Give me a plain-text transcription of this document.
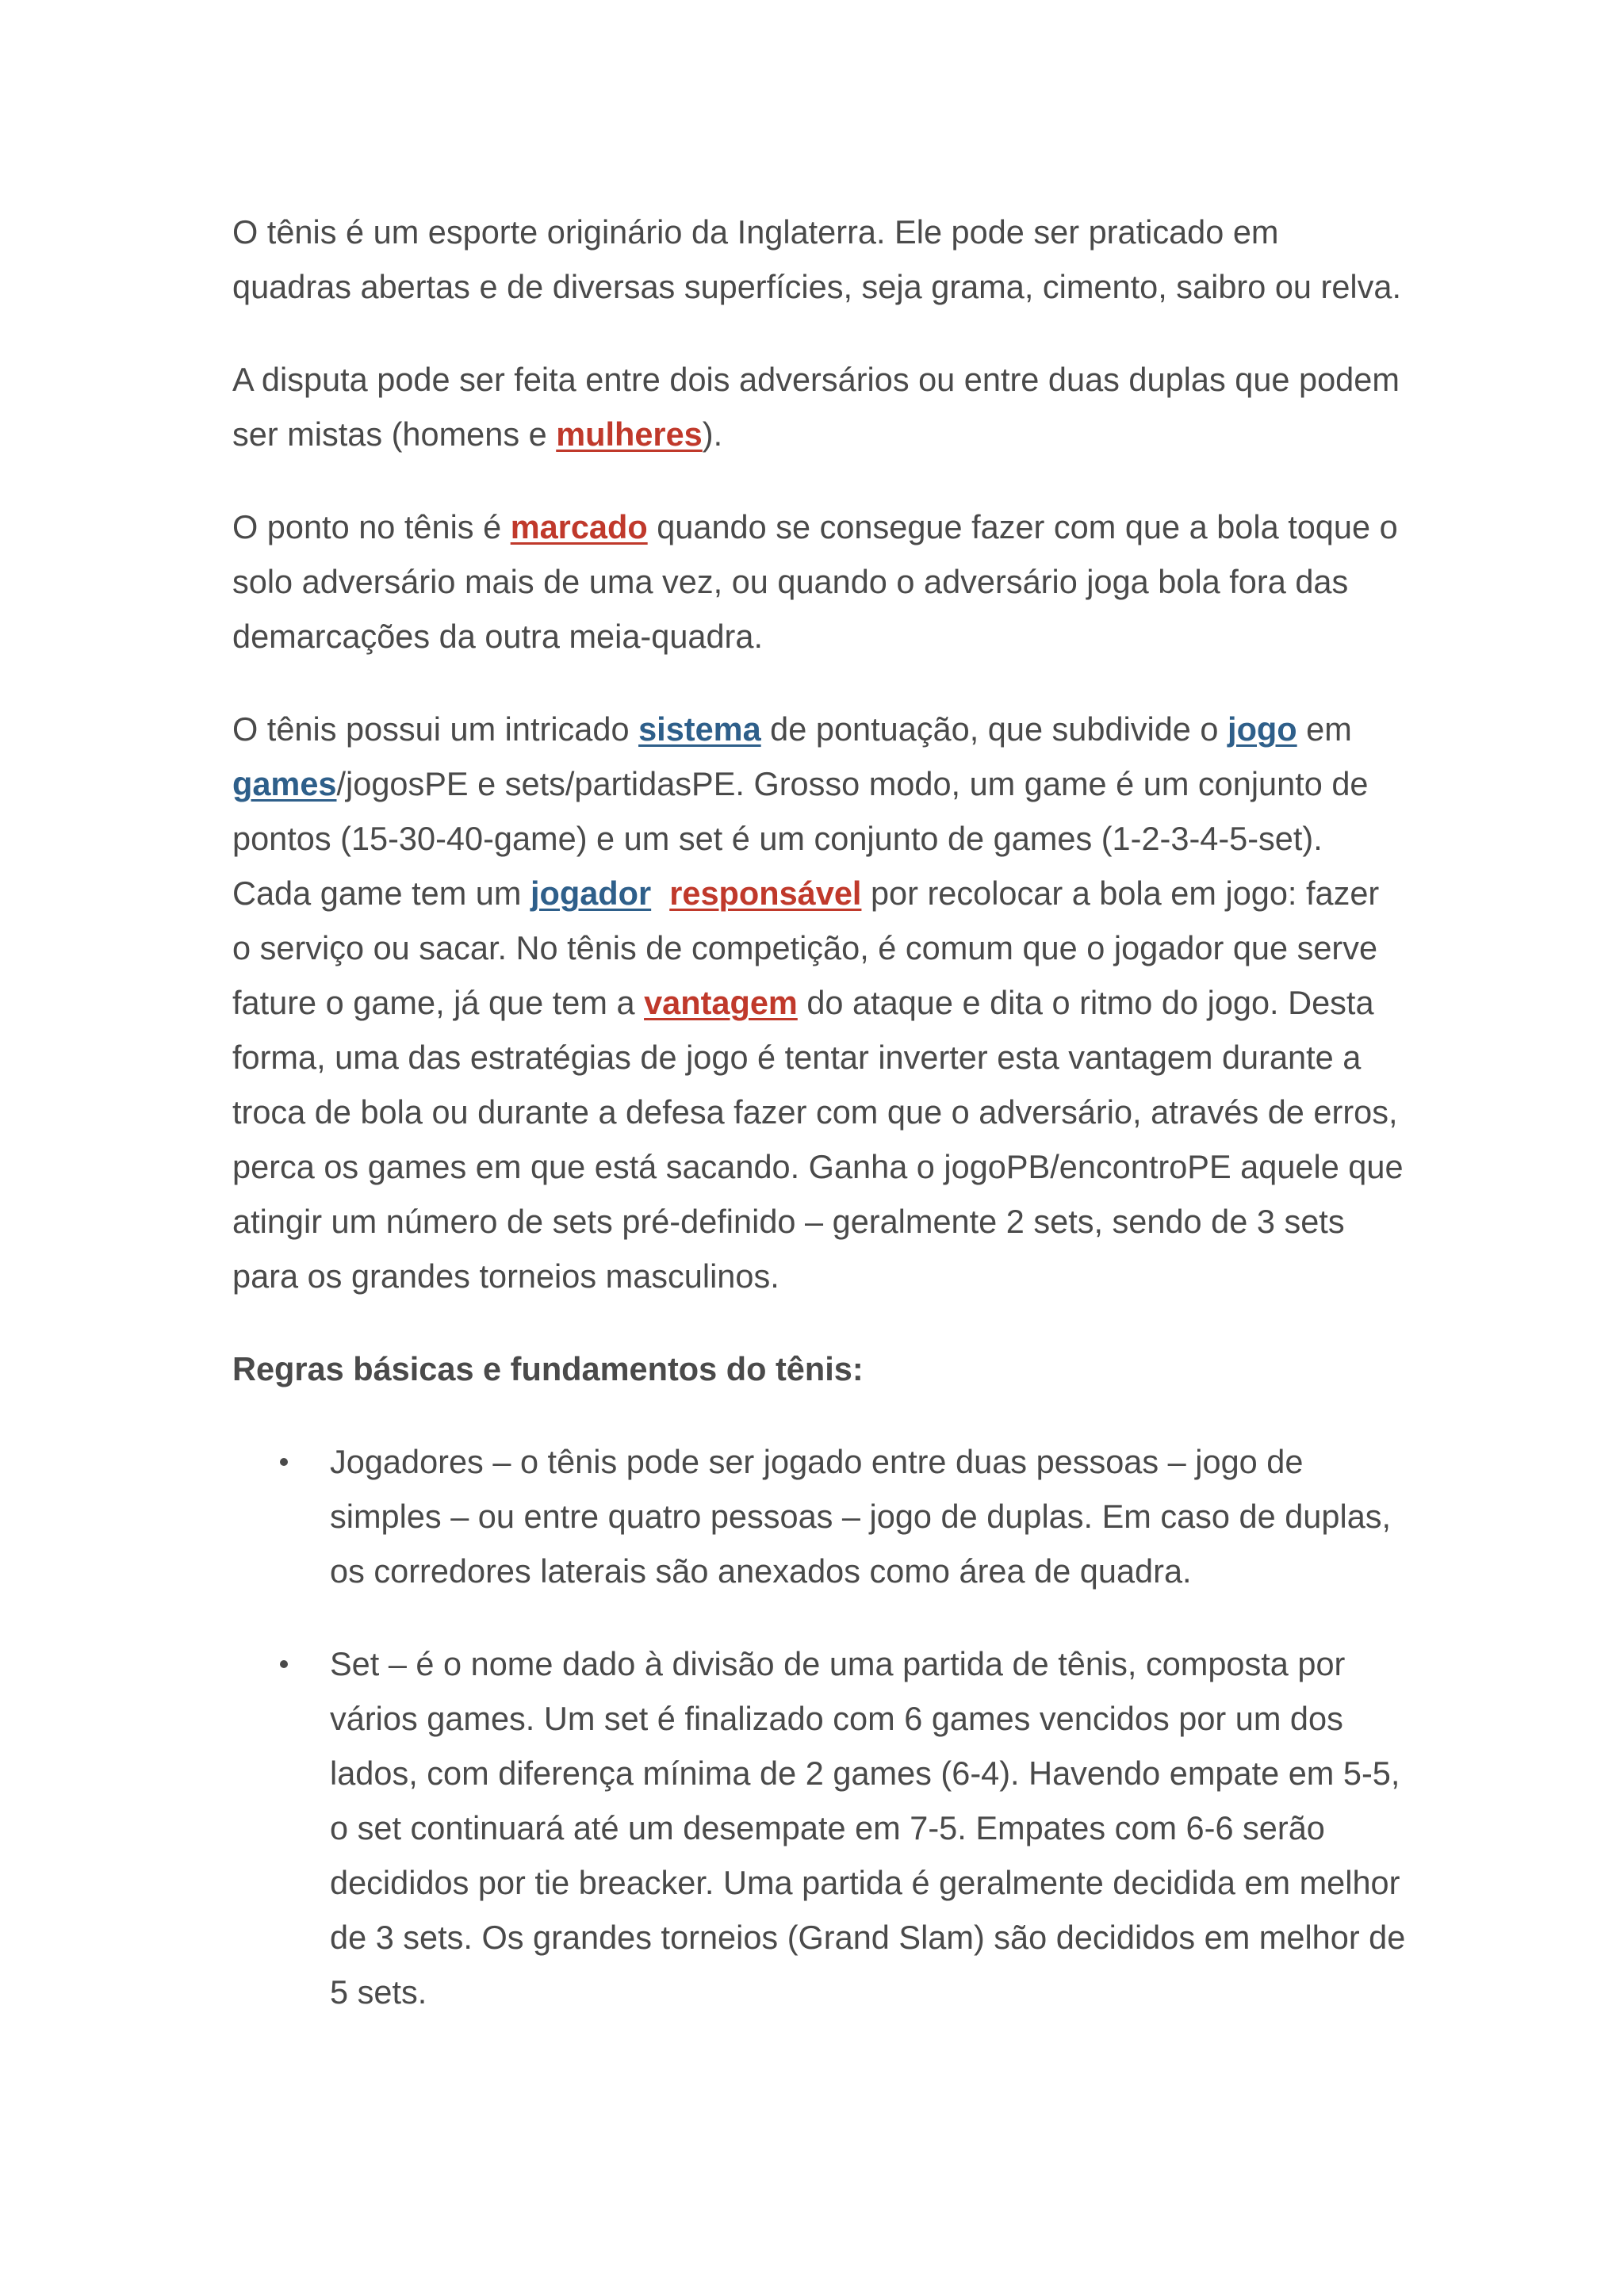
O tênis é um esporte originário da Inglaterra. Ele pode ser praticado em quadras abertas e de diversas superfícies, seja grama, cimento, saibro ou relva.

A disputa pode ser feita entre dois adversários ou entre duas duplas que podem ser mistas (homens e mulheres).

O ponto no tênis é marcado quando se consegue fazer com que a bola toque o solo adversário mais de uma vez, ou quando o adversário joga bola fora das demarcações da outra meia-quadra.

O tênis possui um intricado sistema de pontuação, que subdivide o jogo em games/jogosPE e sets/partidasPE. Grosso modo, um game é um conjunto de pontos (15-30-40-game) e um set é um conjunto de games (1-2-3-4-5-set). Cada game tem um jogador responsável por recolocar a bola em jogo: fazer o serviço ou sacar. No tênis de competição, é comum que o jogador que serve fature o game, já que tem a vantagem do ataque e dita o ritmo do jogo. Desta forma, uma das estratégias de jogo é tentar inverter esta vantagem durante a troca de bola ou durante a defesa fazer com que o adversário, através de erros, perca os games em que está sacando. Ganha o jogoPB/encontroPE aquele que atingir um número de sets pré-definido – geralmente 2 sets, sendo de 3 sets para os grandes torneios masculinos.

Regras básicas e fundamentos do tênis:
Jogadores – o tênis pode ser jogado entre duas pessoas – jogo de simples – ou entre quatro pessoas – jogo de duplas. Em caso de duplas, os corredores laterais são anexados como área de quadra.
Set – é o nome dado à divisão de uma partida de tênis, composta por vários games. Um set é finalizado com 6 games vencidos por um dos lados, com diferença mínima de 2 games (6-4). Havendo empate em 5-5, o set continuará até um desempate em 7-5. Empates com 6-6 serão decididos por tie breacker. Uma partida é geralmente decidida em melhor de 3 sets. Os grandes torneios (Grand Slam) são decididos em melhor de 5 sets.
